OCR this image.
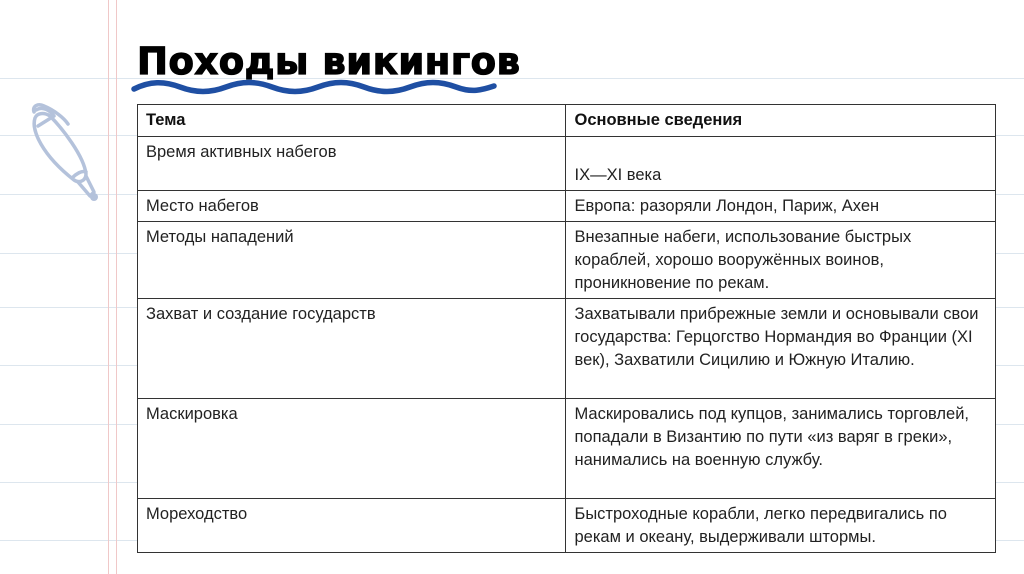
Походы викингов
Тема	Основные сведения
Время активных набегов	IX—XI века
Место набегов	Европа: разоряли Лондон, Париж, Ахен
Методы нападений	Внезапные набеги, использование быстрых кораблей, хорошо вооружённых воинов, проникновение по рекам.
Захват и создание государств	Захватывали прибрежные земли и основывали свои государства: Герцогство Нормандия во Франции (XI век), Захватили Сицилию и Южную Италию.
Маскировка	Маскировались под купцов, занимались торговлей, попадали в Византию по пути «из варяг в греки», нанимались на военную службу.
Мореходство	Быстроходные корабли, легко передвигались по рекам и океану, выдерживали штормы.
